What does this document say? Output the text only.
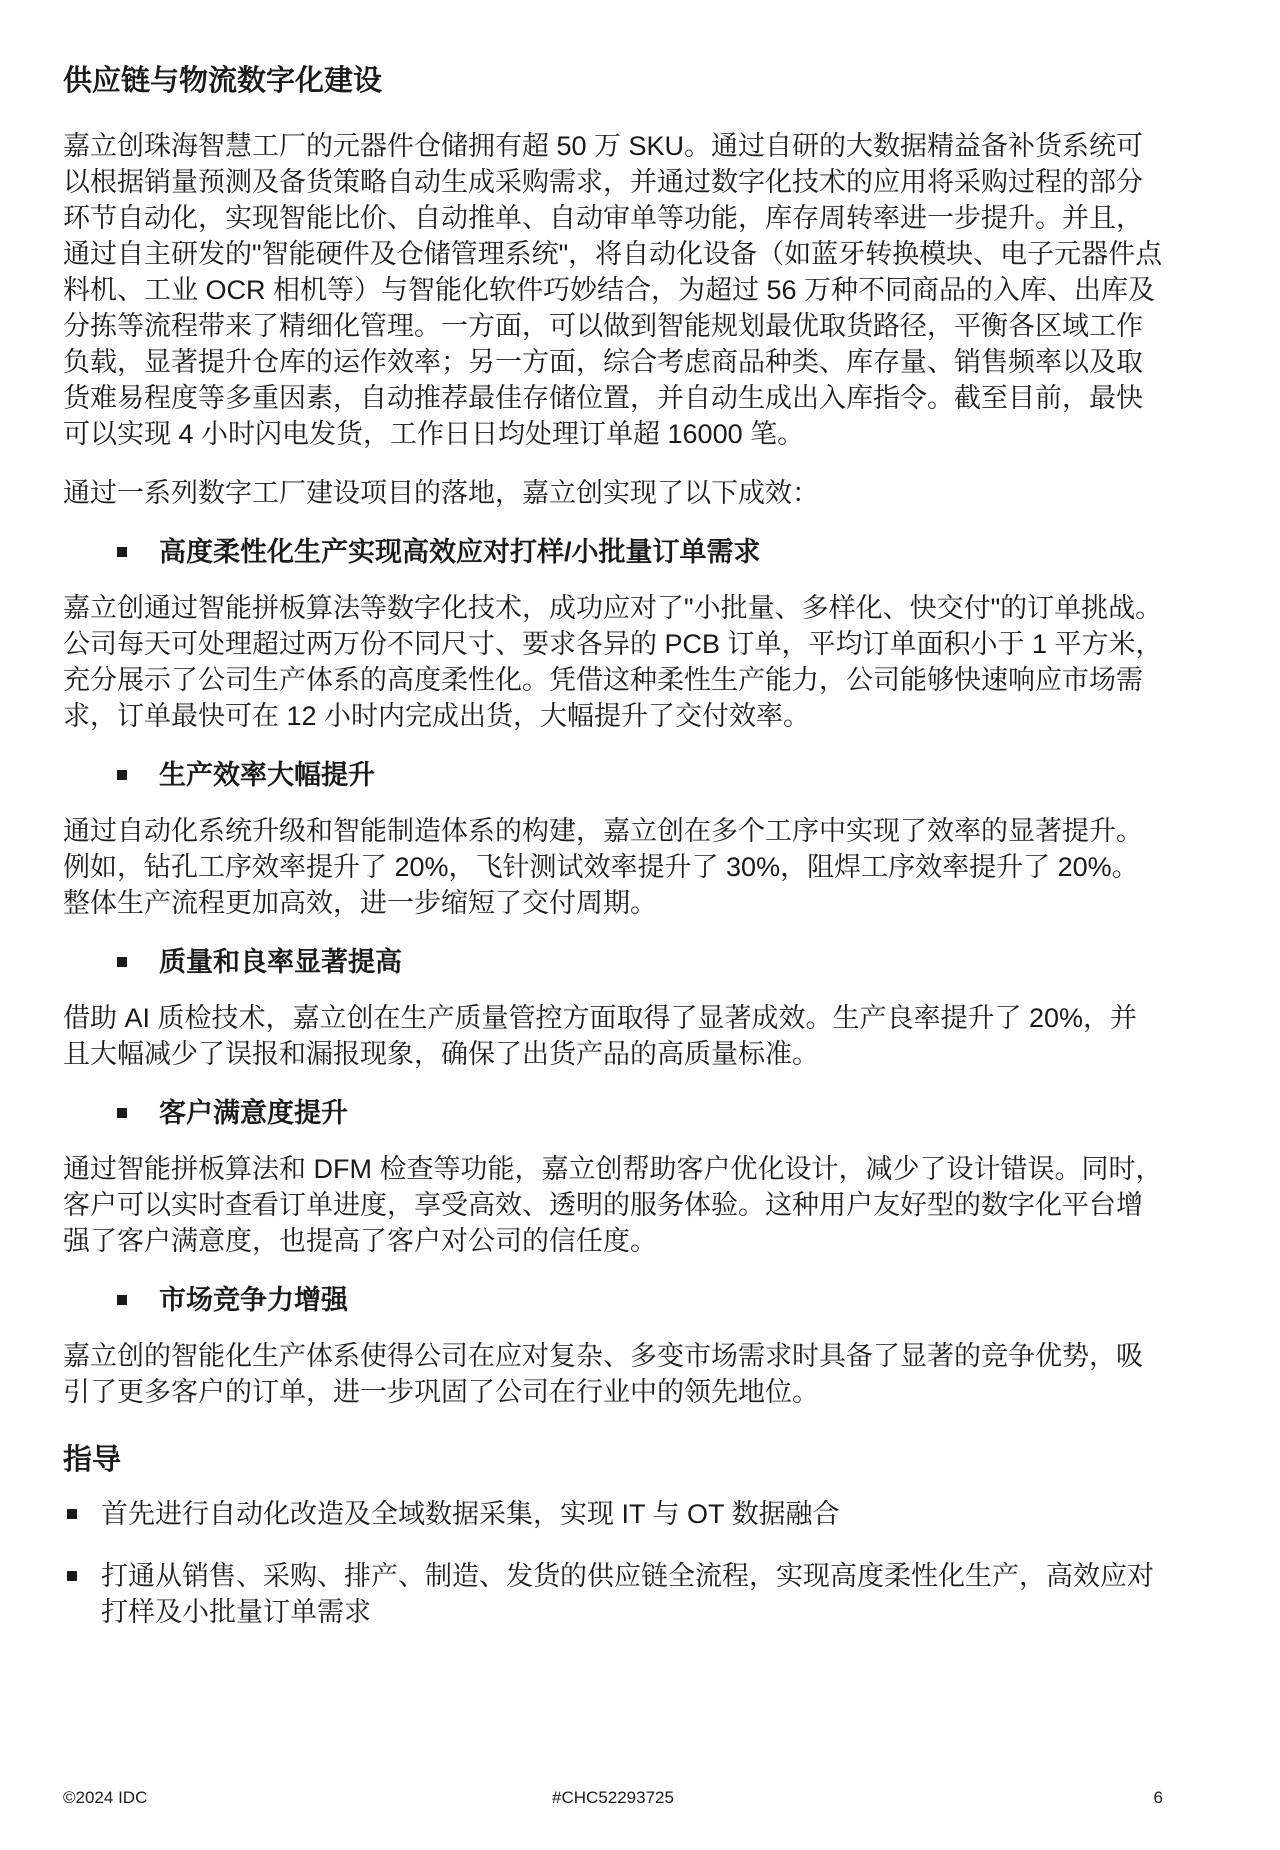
供应链与物流数字化建设

嘉立创珠海智慧工厂的元器件仓储拥有超 50 万 SKU。通过自研的大数据精益备补货系统可以根据销量预测及备货策略自动生成采购需求，并通过数字化技术的应用将采购过程的部分环节自动化，实现智能比价、自动推单、自动审单等功能，库存周转率进一步提升。并且，通过自主研发的"智能硬件及仓储管理系统"，将自动化设备（如蓝牙转换模块、电子元器件点料机、工业 OCR 相机等）与智能化软件巧妙结合，为超过 56 万种不同商品的入库、出库及分拣等流程带来了精细化管理。一方面，可以做到智能规划最优取货路径，平衡各区域工作负载，显著提升仓库的运作效率；另一方面，综合考虑商品种类、库存量、销售频率以及取货难易程度等多重因素，自动推荐最佳存储位置，并自动生成出入库指令。截至目前，最快可以实现 4 小时闪电发货，工作日日均处理订单超 16000 笔。

通过一系列数字工厂建设项目的落地，嘉立创实现了以下成效：

高度柔性化生产实现高效应对打样/小批量订单需求

嘉立创通过智能拼板算法等数字化技术，成功应对了"小批量、多样化、快交付"的订单挑战。公司每天可处理超过两万份不同尺寸、要求各异的 PCB 订单，平均订单面积小于 1 平方米，充分展示了公司生产体系的高度柔性化。凭借这种柔性生产能力，公司能够快速响应市场需求，订单最快可在 12 小时内完成出货，大幅提升了交付效率。

生产效率大幅提升

通过自动化系统升级和智能制造体系的构建，嘉立创在多个工序中实现了效率的显著提升。例如，钻孔工序效率提升了 20%，飞针测试效率提升了 30%，阻焊工序效率提升了 20%。整体生产流程更加高效，进一步缩短了交付周期。

质量和良率显著提高

借助 AI 质检技术，嘉立创在生产质量管控方面取得了显著成效。生产良率提升了 20%，并且大幅减少了误报和漏报现象，确保了出货产品的高质量标准。

客户满意度提升

通过智能拼板算法和 DFM 检查等功能，嘉立创帮助客户优化设计，减少了设计错误。同时，客户可以实时查看订单进度，享受高效、透明的服务体验。这种用户友好型的数字化平台增强了客户满意度，也提高了客户对公司的信任度。

市场竞争力增强

嘉立创的智能化生产体系使得公司在应对复杂、多变市场需求时具备了显著的竞争优势，吸引了更多客户的订单，进一步巩固了公司在行业中的领先地位。

指导
首先进行自动化改造及全域数据采集，实现 IT 与 OT 数据融合
打通从销售、采购、排产、制造、发货的供应链全流程，实现高度柔性化生产，高效应对打样及小批量订单需求
©2024 IDC	#CHC52293725	6
